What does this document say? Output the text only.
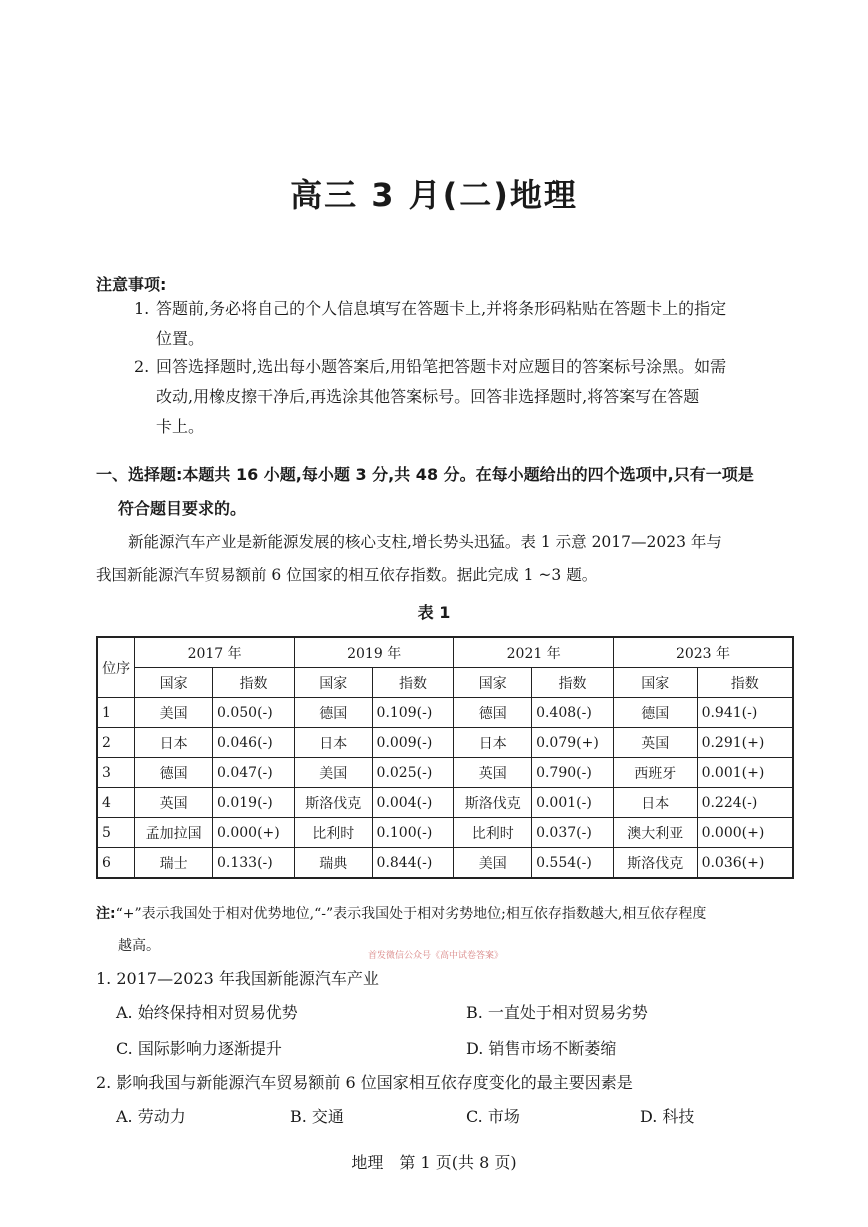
高三 3 月(二)地理
注意事项:
1. 答题前,务必将自己的个人信息填写在答题卡上,并将条形码粘贴在答题卡上的指定
位置。
2. 回答选择题时,选出每小题答案后,用铅笔把答题卡对应题目的答案标号涂黑。如需
改动,用橡皮擦干净后,再选涂其他答案标号。回答非选择题时,将答案写在答题
卡上。
一、选择题:本题共 16 小题,每小题 3 分,共 48 分。在每小题给出的四个选项中,只有一项是
符合题目要求的。
新能源汽车产业是新能源发展的核心支柱,增长势头迅猛。表 1 示意 2017—2023 年与
我国新能源汽车贸易额前 6 位国家的相互依存指数。据此完成 1 ~3 题。
表 1
位序	2017 年		2019 年		2021 年		2023 年	
	国家	指数	国家	指数	国家	指数	国家	指数
1	美国	0.050(-)	德国	0.109(-)	德国	0.408(-)	德国	0.941(-)
2	日本	0.046(-)	日本	0.009(-)	日本	0.079(+)	英国	0.291(+)
3	德国	0.047(-)	美国	0.025(-)	英国	0.790(-)	西班牙	0.001(+)
4	英国	0.019(-)	斯洛伐克	0.004(-)	斯洛伐克	0.001(-)	日本	0.224(-)
5	孟加拉国	0.000(+)	比利时	0.100(-)	比利时	0.037(-)	澳大利亚	0.000(+)
6	瑞士	0.133(-)	瑞典	0.844(-)	美国	0.554(-)	斯洛伐克	0.036(+)
注:“+”表示我国处于相对优势地位,“-”表示我国处于相对劣势地位;相互依存指数越大,相互依存程度
越高。
首发微信公众号《高中试卷答案》
1. 2017—2023 年我国新能源汽车产业
A. 始终保持相对贸易优势	B. 一直处于相对贸易劣势
C. 国际影响力逐渐提升	D. 销售市场不断萎缩
2. 影响我国与新能源汽车贸易额前 6 位国家相互依存度变化的最主要因素是
A. 劳动力	B. 交通	C. 市场	D. 科技
地理　第 1 页(共 8 页)
